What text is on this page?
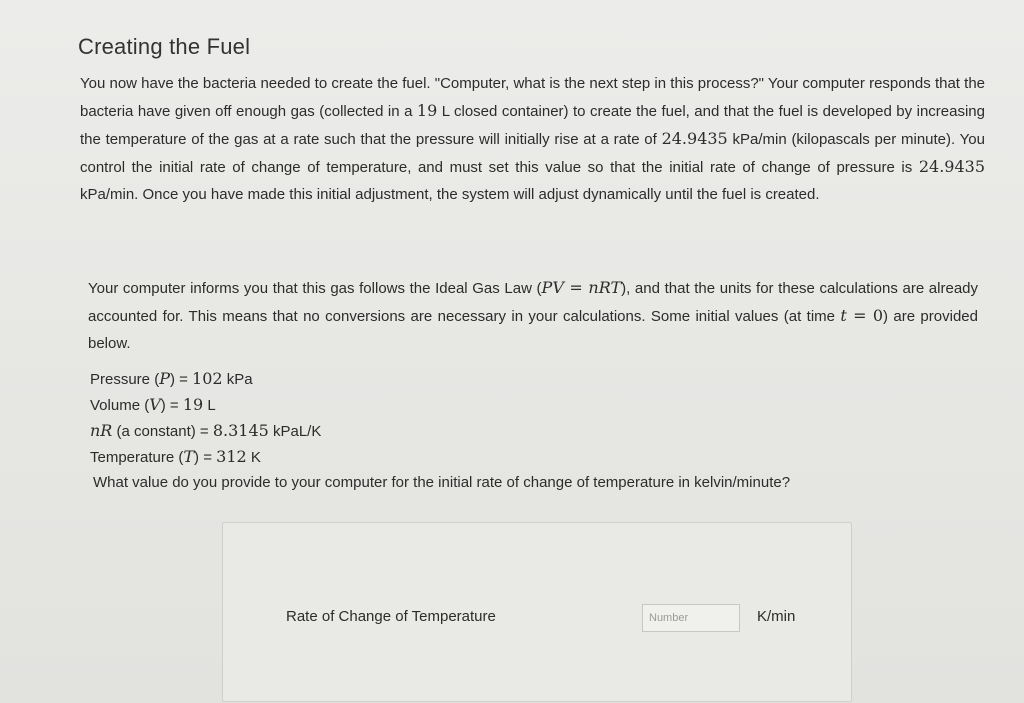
Creating the Fuel
You now have the bacteria needed to create the fuel. "Computer, what is the next step in this process?" Your computer responds that the bacteria have given off enough gas (collected in a 19 L closed container) to create the fuel, and that the fuel is developed by increasing the temperature of the gas at a rate such that the pressure will initially rise at a rate of 24.9435 kPa/min (kilopascals per minute). You control the initial rate of change of temperature, and must set this value so that the initial rate of change of pressure is 24.9435 kPa/min. Once you have made this initial adjustment, the system will adjust dynamically until the fuel is created.
Your computer informs you that this gas follows the Ideal Gas Law (PV = nRT), and that the units for these calculations are already accounted for. This means that no conversions are necessary in your calculations. Some initial values (at time t = 0) are provided below.
Pressure (P) = 102 kPa
Volume (V) = 19 L
nR (a constant) = 8.3145 kPaL/K
Temperature (T) = 312 K
What value do you provide to your computer for the initial rate of change of temperature in kelvin/minute?
Rate of Change of Temperature
Number	K/min
